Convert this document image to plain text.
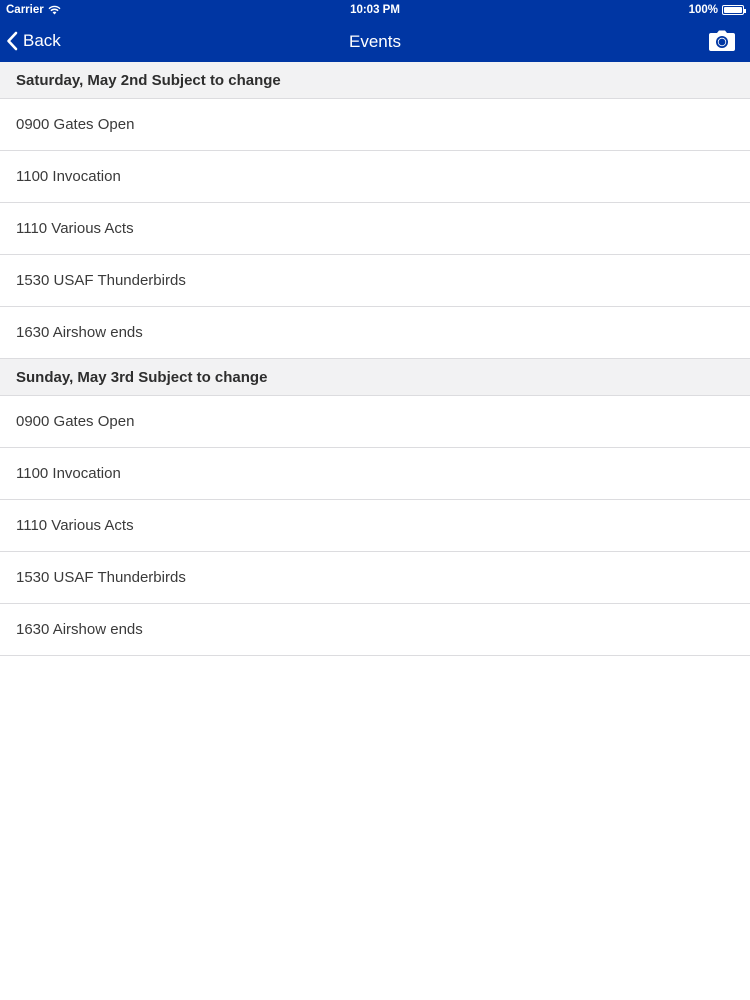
Carrier	10:03 PM	100%
Back	Events
Saturday, May 2nd Subject to change
0900 Gates Open
1100 Invocation
1110 Various Acts
1530 USAF Thunderbirds
1630 Airshow ends
Sunday, May 3rd Subject to change
0900 Gates Open
1100 Invocation
1110 Various Acts
1530 USAF Thunderbirds
1630 Airshow ends
